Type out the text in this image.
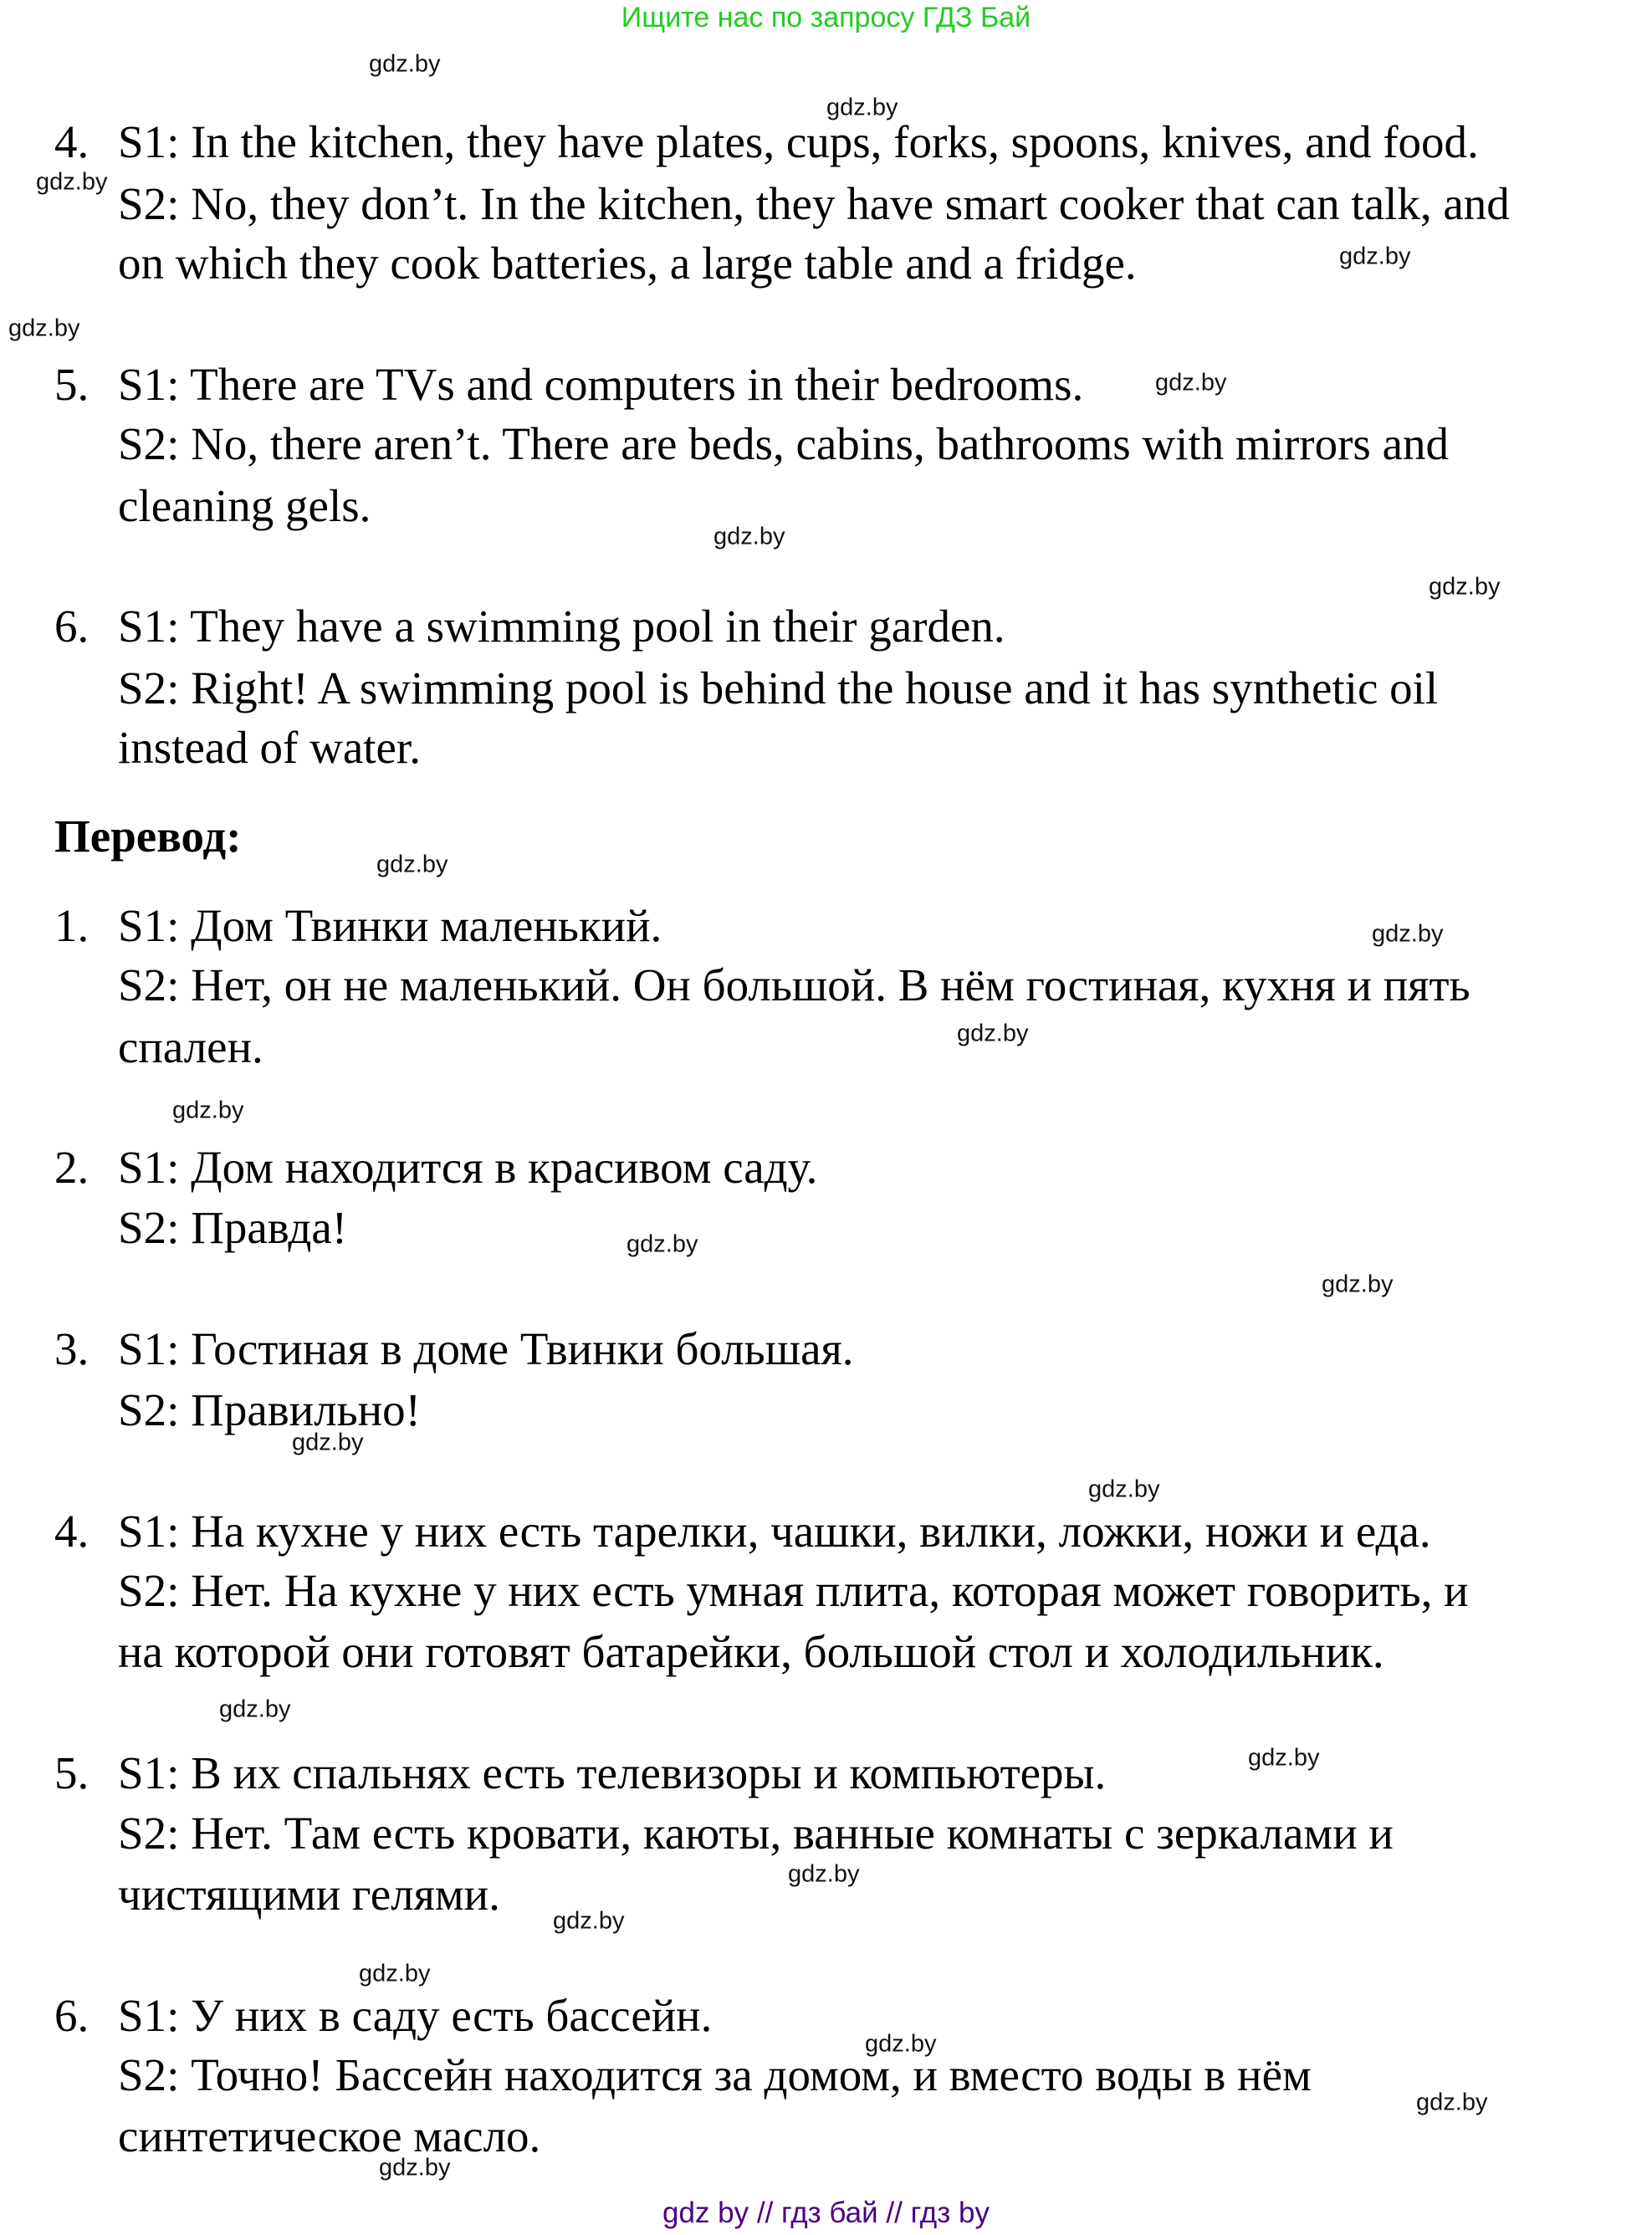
Ищите нас по запросу ГДЗ Бай
4. S1: In the kitchen, they have plates, cups, forks, spoons, knives, and food.
S2: No, they don’t. In the kitchen, they have smart cooker that can talk, and
on which they cook batteries, a large table and a fridge.
5. S1: There are TVs and computers in their bedrooms.
S2: No, there aren’t. There are beds, cabins, bathrooms with mirrors and
cleaning gels.
6. S1: They have a swimming pool in their garden.
S2: Right! A swimming pool is behind the house and it has synthetic oil
instead of water.
Перевод:
1. S1: Дом Твинки маленький.
S2: Нет, он не маленький. Он большой. В нём гостиная, кухня и пять
спален.
2. S1: Дом находится в красивом саду.
S2: Правда!
3. S1: Гостиная в доме Твинки большая.
S2: Правильно!
4. S1: На кухне у них есть тарелки, чашки, вилки, ложки, ножи и еда.
S2: Нет. На кухне у них есть умная плита, которая может говорить, и
на которой они готовят батарейки, большой стол и холодильник.
5. S1: В их спальнях есть телевизоры и компьютеры.
S2: Нет. Там есть кровати, каюты, ванные комнаты с зеркалами и
чистящими гелями.
6. S1: У них в саду есть бассейн.
S2: Точно! Бассейн находится за домом, и вместо воды в нём
синтетическое масло.
gdz.by
gdz.by
gdz.by
gdz.by
gdz.by
gdz.by
gdz.by
gdz.by
gdz.by
gdz.by
gdz.by
gdz.by
gdz.by
gdz.by
gdz.by
gdz.by
gdz.by
gdz.by
gdz.by
gdz.by
gdz.by
gdz.by
gdz.by
gdz.by
gdz by // гдз бай // гдз by
